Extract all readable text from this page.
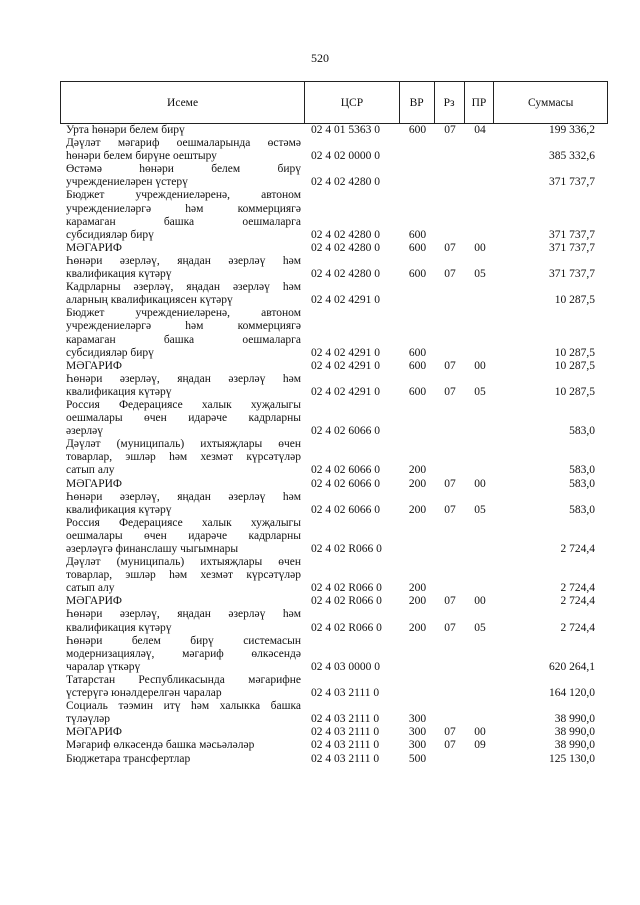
520
Исеме	ЦСР	ВР	Рз	ПР	Суммасы
Урта һөнәри белем бирү	02 4 01 5363 0	600	07	04	199 336,2
Дәүләт мәгариф оешмаларында өстәмә
һөнәри белем бирүне оештыру	02 4 02 0000 0	385 332,6
Өстәмә һөнәри белем бирү
учреждениеләрен үстерү	02 4 02 4280 0	371 737,7
Бюджет учреждениеләренә, автоном
учреждениеләргә һәм коммерциягә
карамаган башка оешмаларга
субсидияләр бирү	02 4 02 4280 0	600	371 737,7
МӘГАРИФ	02 4 02 4280 0	600	07	00	371 737,7
Һөнәри әзерләү, яңадан әзерләү һәм
квалификация күтәрү	02 4 02 4280 0	600	07	05	371 737,7
Кадрларны әзерләү, яңадан әзерләү һәм
аларның квалификациясен күтәрү	02 4 02 4291 0	10 287,5
Бюджет учреждениеләренә, автоном
учреждениеләргә һәм коммерциягә
карамаган башка оешмаларга
субсидияләр бирү	02 4 02 4291 0	600	10 287,5
МӘГАРИФ	02 4 02 4291 0	600	07	00	10 287,5
Һөнәри әзерләү, яңадан әзерләү һәм
квалификация күтәрү	02 4 02 4291 0	600	07	05	10 287,5
Россия Федерациясе халык хуҗалыгы
оешмалары өчен идарәче кадрларны
әзерләү	02 4 02 6066 0	583,0
Дәүләт (муниципаль) ихтыяҗлары өчен
товарлар, эшләр һәм хезмәт күрсәтүләр
сатып алу	02 4 02 6066 0	200	583,0
МӘГАРИФ	02 4 02 6066 0	200	07	00	583,0
Һөнәри әзерләү, яңадан әзерләү һәм
квалификация күтәрү	02 4 02 6066 0	200	07	05	583,0
Россия Федерациясе халык хуҗалыгы
оешмалары өчен идарәче кадрларны
әзерләүгә финанслашу чыгымнары	02 4 02 R066 0	2 724,4
Дәүләт (муниципаль) ихтыяҗлары өчен
товарлар, эшләр һәм хезмәт күрсәтүләр
сатып алу	02 4 02 R066 0	200	2 724,4
МӘГАРИФ	02 4 02 R066 0	200	07	00	2 724,4
Һөнәри әзерләү, яңадан әзерләү һәм
квалификация күтәрү	02 4 02 R066 0	200	07	05	2 724,4
Һөнәри белем бирү системасын
модернизацияләү, мәгариф өлкәсендә
чаралар үткәрү	02 4 03 0000 0	620 264,1
Татарстан Республикасында мәгарифне
үстерүгә юнәлдерелгән чаралар	02 4 03 2111 0	164 120,0
Социаль тәэмин итү һәм халыкка башка
түләүләр	02 4 03 2111 0	300	38 990,0
МӘГАРИФ	02 4 03 2111 0	300	07	00	38 990,0
Мәгариф өлкәсендә башка мәсьәләләр	02 4 03 2111 0	300	07	09	38 990,0
Бюджетара трансфертлар	02 4 03 2111 0	500	125 130,0
